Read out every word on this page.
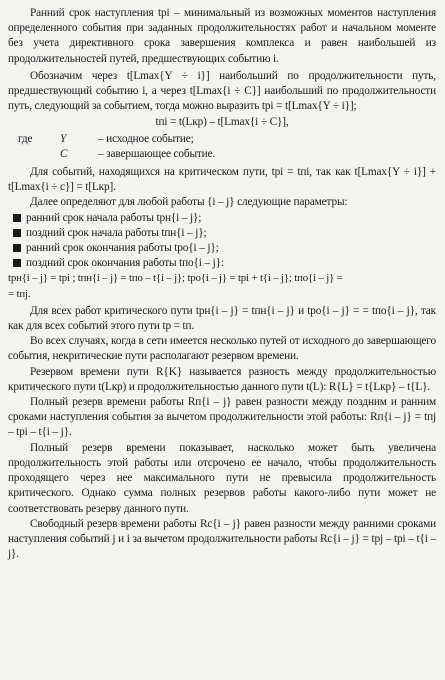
Ранний срок наступления tрi – минимальный из возможных моментов наступления определенного события при заданных продолжительностях работ и начальном моменте без учета директивного срока завершения комплекса и равен наибольшей из продолжительностей путей, предшествующих событию i.

Обозначим через t[Lmax{Y ÷ i}] наибольший по продолжительности путь, предшествующий событию i, а через t[Lmax{i ÷ C}] наибольший по продолжительности путь, следующий за событием, тогда можно выразить tрi = t[Lmax{Y ÷ i}];

tпi = t(Lкр) – t[Lmax{i ÷ C}],

где	Y	– исходное событие;
C	– завершающее событие.

Для событий, находящихся на критическом пути, tрi = tпi, так как t[Lmax{Y ÷ i}] + t[Lmax{i ÷ c}] = t[Lкр].

Далее определяют для любой работы {i – j} следующие параметры:

ранний срок начала работы tрн{i – j};
поздний срок начала работы tпн{i – j};
ранний срок окончания работы tро{i – j};
поздний срок окончания работы tпо{i – j}:

tрн{i – j} = tрi ; tпн{i – j} = tпо – t{i – j}; tро{i – j} = tрi + t{i – j}; tпо{i – j} =

= tпj.

Для всех работ критического пути tрн{i – j} = tпн{i – j} и tро{i – j} = = tпо{i – j}, так как для всех событий этого пути tр = tп.

Во всех случаях, когда в сети имеется несколько путей от исходного до завершающего события, некритические пути располагают резервом времени.

Резервом времени пути R{K} называется разность между продолжительностью критического пути t(Lкр) и продолжительностью данного пути t(L): R{L} = t{Lкр} – t{L}.

Полный резерв времени работы Rп{i – j} равен разности между поздним и ранним сроками наступления события за вычетом продолжительности этой работы: Rп{i – j} = tпj – tрi – t{i – j}.

Полный резерв времени показывает, насколько может быть увеличена продолжительность этой работы или отсрочено ее начало, чтобы продолжительность проходящего через нее максимального пути не превысила продолжительность критического. Однако сумма полных резервов работы какого-либо пути может не соответствовать резерву данного пути.

Свободный резерв времени работы Rс{i – j} равен разности между ранними сроками наступления событий j и i за вычетом продолжительности работы Rс{i – j} = tрj – tрi – t{i – j}.
